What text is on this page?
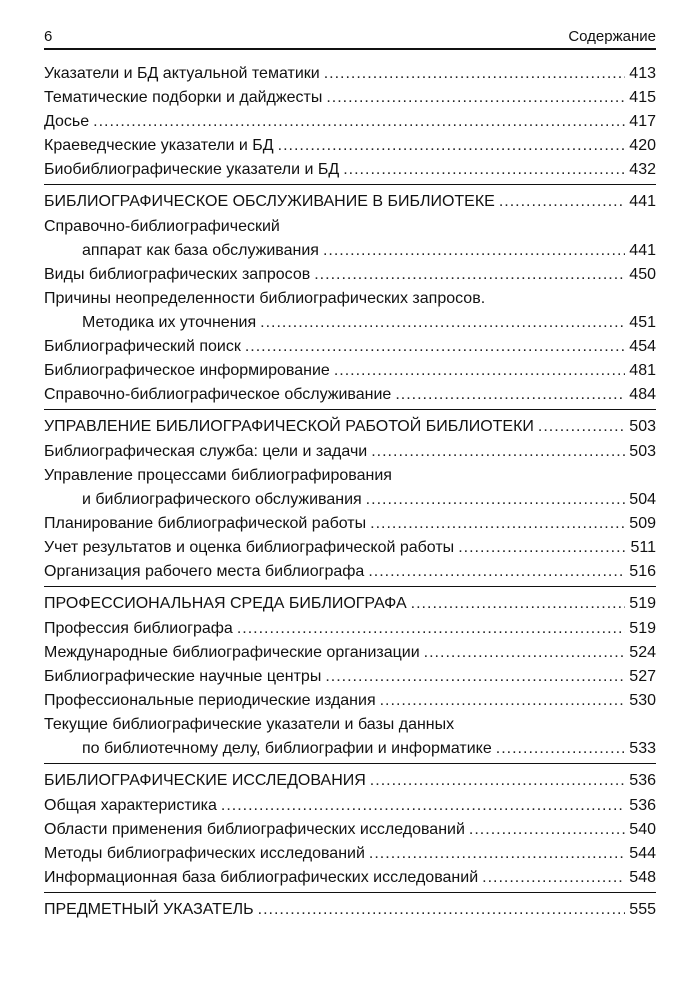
6	Содержание
Указатели и БД актуальной тематики .....	413
Тематические подборки и дайджесты .....	415
Досье .....	417
Краеведческие указатели и БД .....	420
Биобиблиографические указатели и БД .....	432
БИБЛИОГРАФИЧЕСКОЕ ОБСЛУЖИВАНИЕ В БИБЛИОТЕКЕ .....	441
Справочно-библиографический
аппарат как база обслуживания .....	441
Виды библиографических запросов .....	450
Причины неопределенности библиографических запросов.
Методика их уточнения .....	451
Библиографический поиск .....	454
Библиографическое информирование .....	481
Справочно-библиографическое обслуживание .....	484
УПРАВЛЕНИЕ БИБЛИОГРАФИЧЕСКОЙ РАБОТОЙ БИБЛИОТЕКИ .....	503
Библиографическая служба: цели и задачи .....	503
Управление процессами библиографирования
и библиографического обслуживания .....	504
Планирование библиографической работы .....	509
Учет результатов и оценка библиографической работы .....	511
Организация рабочего места библиографа .....	516
ПРОФЕССИОНАЛЬНАЯ СРЕДА БИБЛИОГРАФА .....	519
Профессия библиографа .....	519
Международные библиографические организации .....	524
Библиографические научные центры .....	527
Профессиональные периодические издания .....	530
Текущие библиографические указатели и базы данных
по библиотечному делу, библиографии и информатике .....	533
БИБЛИОГРАФИЧЕСКИЕ ИССЛЕДОВАНИЯ .....	536
Общая характеристика .....	536
Области применения библиографических исследований .....	540
Методы библиографических исследований .....	544
Информационная база библиографических исследований .....	548
ПРЕДМЕТНЫЙ УКАЗАТЕЛЬ .....	555
